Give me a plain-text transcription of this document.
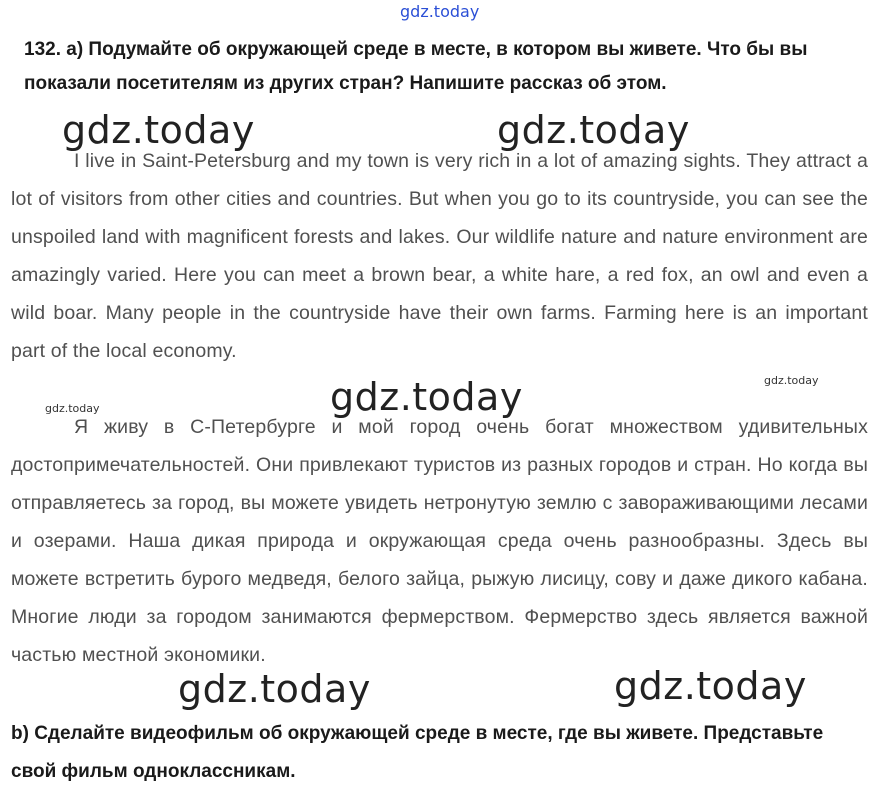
gdz.today
132. a) Подумайте об окружающей среде в месте, в котором вы живете. Что бы вы показали посетителям из других стран? Напишите рассказ об этом.
gdz.today	gdz.today
I live in Saint-Petersburg and my town is very rich in a lot of amazing sights. They attract a lot of visitors from other cities and countries. But when you go to its countryside, you can see the unspoiled land with magnificent forests and lakes. Our wildlife nature and nature environment are amazingly varied. Here you can meet a brown bear, a white hare, a red fox, an owl and even a wild boar. Many people in the countryside have their own farms. Farming here is an important part of the local economy.
gdz.today	gdz.today
gdz.today
Я живу в С-Петербурге и мой город очень богат множеством удивительных достопримечательностей. Они привлекают туристов из разных городов и стран. Но когда вы отправляетесь за город, вы можете увидеть нетронутую землю с завораживающими лесами и озерами. Наша дикая природа и окружающая среда очень разнообразны. Здесь вы можете встретить бурого медведя, белого зайца, рыжую лисицу, сову и даже дикого кабана. Многие люди за городом занимаются фермерством. Фермерство здесь является важной частью местной экономики.
gdz.today	gdz.today
b) Сделайте видеофильм об окружающей среде в месте, где вы живете. Представьте свой фильм одноклассникам.
